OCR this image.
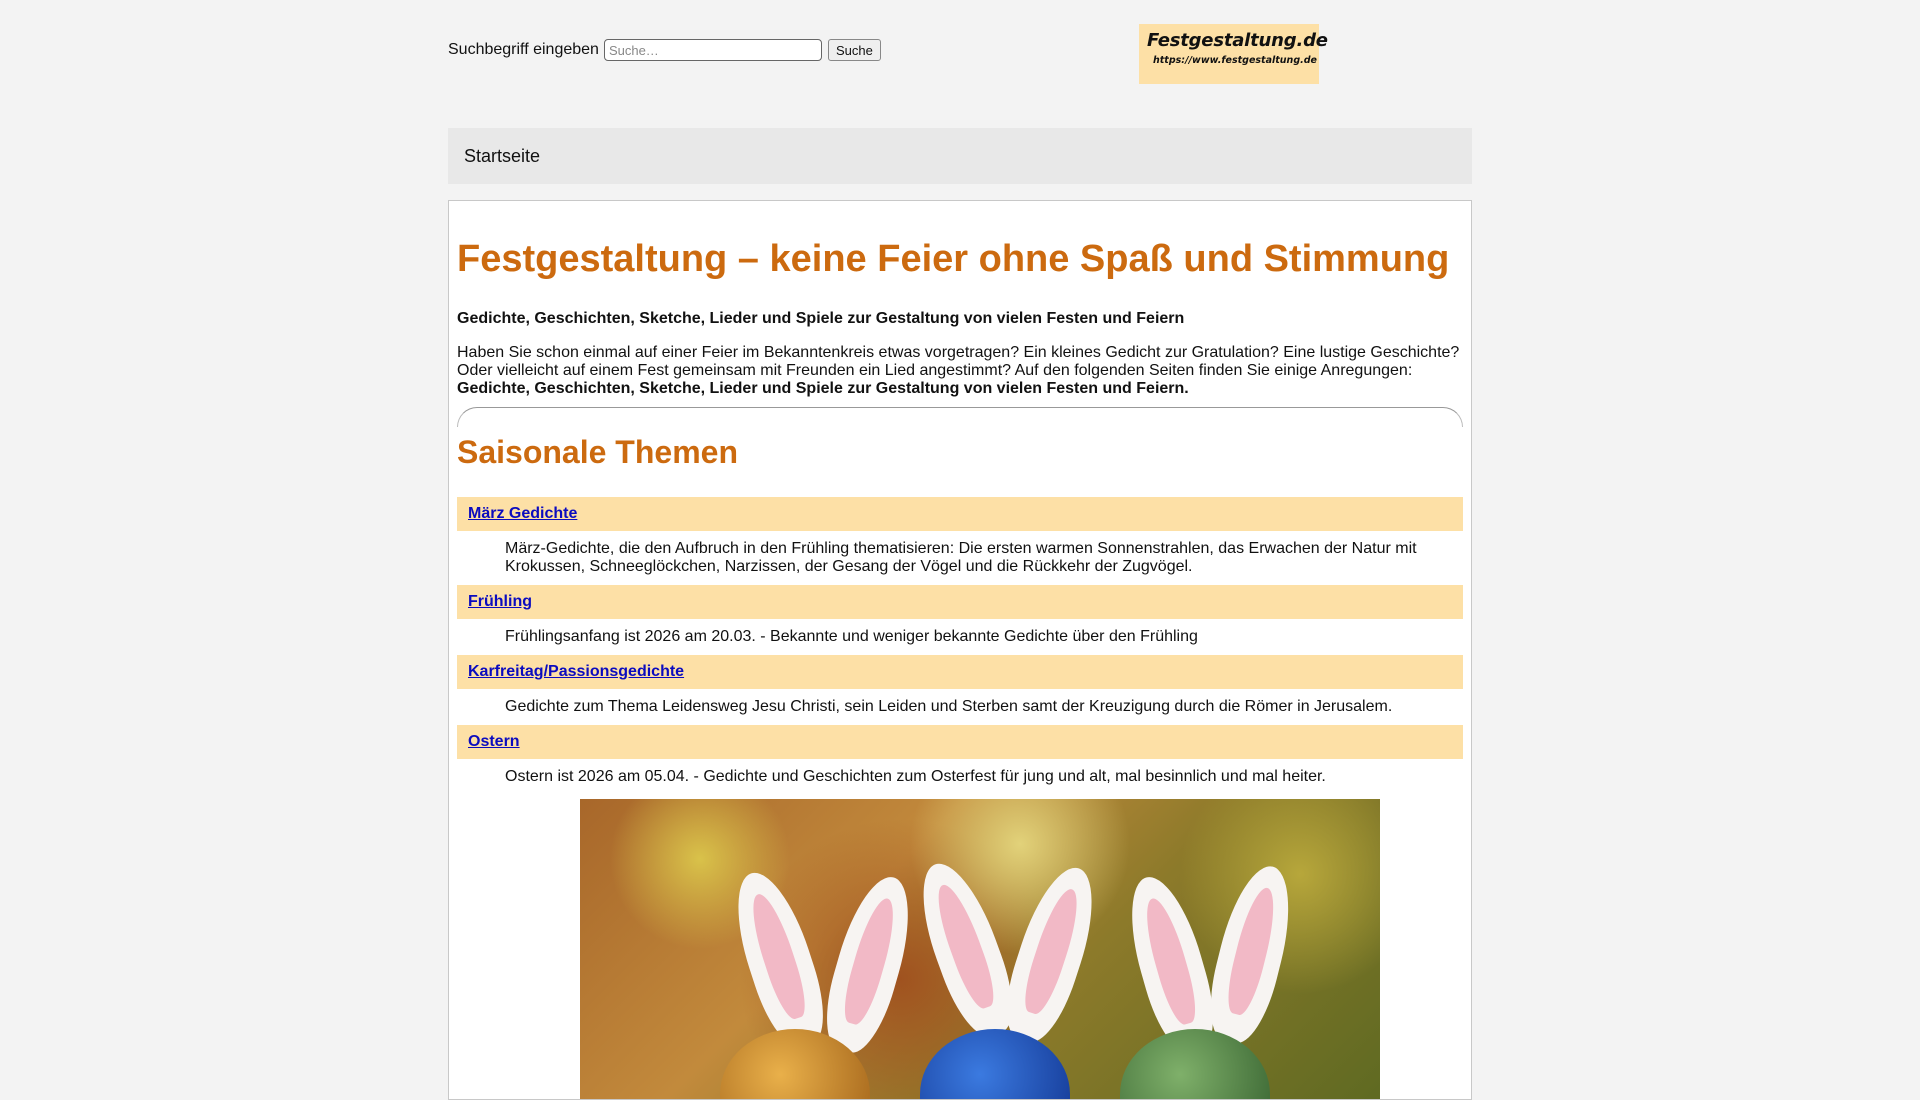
Suchbegriff eingeben
Suche…	Suche	Festgestaltung.de
https://www.festgestaltung.de
Startseite
Festgestaltung – keine Feier ohne Spaß und Stimmung
Gedichte, Geschichten, Sketche, Lieder und Spiele zur Gestaltung von vielen Festen und Feiern
Haben Sie schon einmal auf einer Feier im Bekanntenkreis etwas vorgetragen? Ein kleines Gedicht zur Gratulation? Eine lustige Geschichte? Oder vielleicht auf einem Fest gemeinsam mit Freunden ein Lied angestimmt? Auf den folgenden Seiten finden Sie einige Anregungen:
Gedichte, Geschichten, Sketche, Lieder und Spiele zur Gestaltung von vielen Festen und Feiern.
Saisonale Themen
März Gedichte
März-Gedichte, die den Aufbruch in den Frühling thematisieren: Die ersten warmen Sonnenstrahlen, das Erwachen der Natur mit Krokussen, Schneeglöckchen, Narzissen, der Gesang der Vögel und die Rückkehr der Zugvögel.
Frühling
Frühlingsanfang ist 2026 am 20.03. - Bekannte und weniger bekannte Gedichte über den Frühling
Karfreitag/Passionsgedichte
Gedichte zum Thema Leidensweg Jesu Christi, sein Leiden und Sterben samt der Kreuzigung durch die Römer in Jerusalem.
Ostern
Ostern ist 2026 am 05.04. - Gedichte und Geschichten zum Osterfest für jung und alt, mal besinnlich und mal heiter.
